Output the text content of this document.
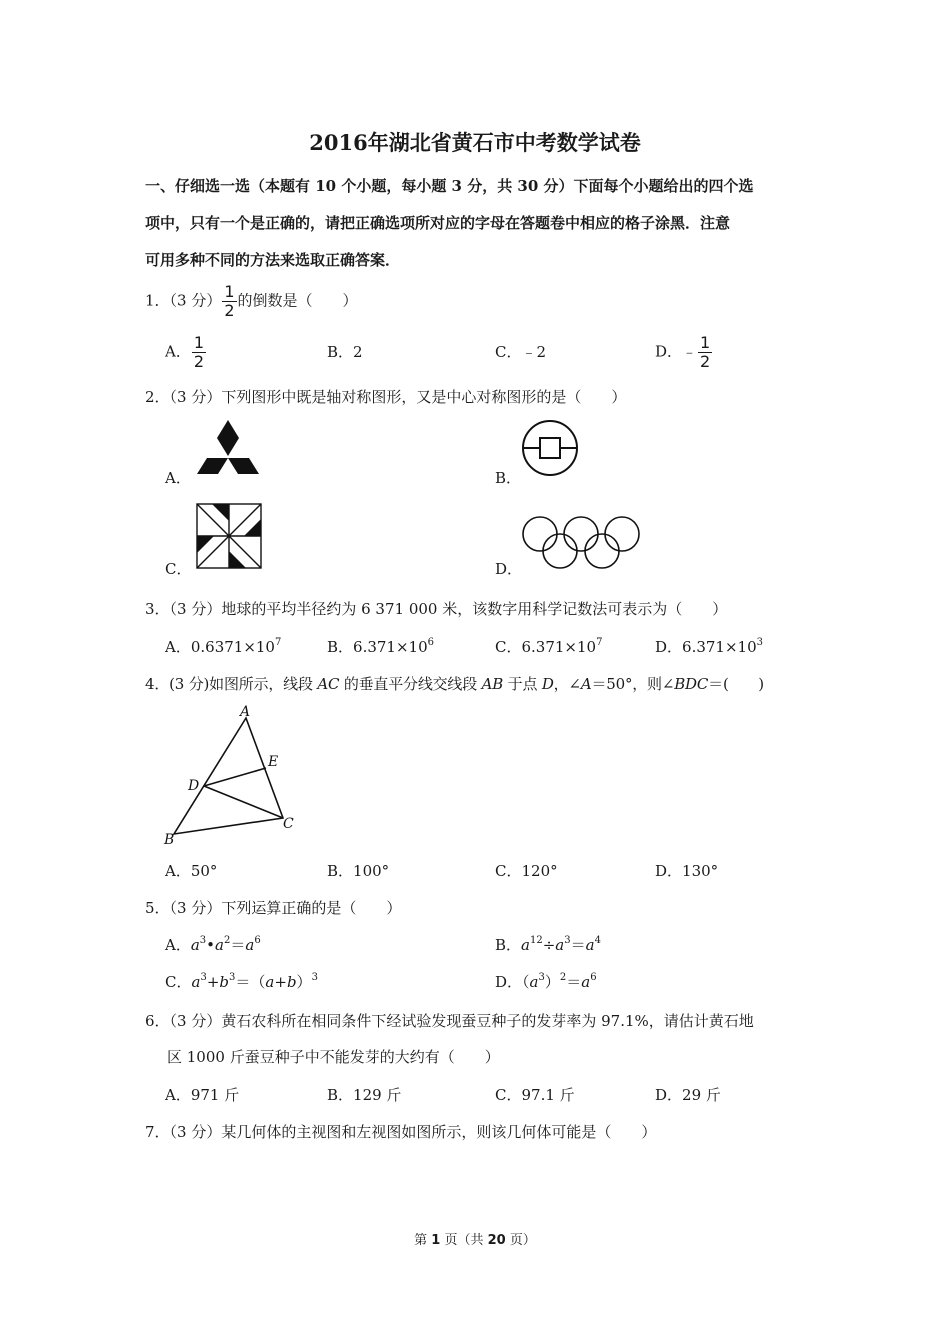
2016年湖北省黄石市中考数学试卷
一、仔细选一选（本题有 10 个小题，每小题 3 分，共 30 分）下面每个小题给出的四个选
项中，只有一个是正确的，请把正确选项所对应的字母在答题卷中相应的格子涂黑．注意
可用多种不同的方法来选取正确答案．
1．（3 分） $\frac{1}{2}$ 的倒数是（　　）
A． $\frac{1}{2}$	B．2	C．﹣2	D．﹣ $\frac{1}{2}$
2．（3 分）下列图形中既是轴对称图形，又是中心对称图形的是（　　）
A．	B．
C．	D．
3．（3 分）地球的平均半径约为 6 371 000 米，该数字用科学记数法可表示为（　　）
A．$0.6371\times 10^7$	B．$6.371\times 10^6$	C．$6.371\times 10^7$	D．$6.371\times 10^3$
4．(3 分)如图所示，线段 AC 的垂直平分线交线段 AB 于点 D，∠A＝50°，则∠BDC＝(　　)
A
B
C
D
E
A．50°	B．100°	C．120°	D．130°
5．（3 分）下列运算正确的是（　　）
A．$a^3•a^2=a^6$	B．$a^{12}\div a^3=a^4$
C．$a^3+b^3=(a+b)^3$	D．$(a^3)^2=a^6$
6．（3 分）黄石农科所在相同条件下经试验发现蚕豆种子的发芽率为 97.1%，请估计黄石地
区 1000 斤蚕豆种子中不能发芽的大约有（　　）
A．971 斤	B．129 斤	C．97.1 斤	D．29 斤
7．（3 分）某几何体的主视图和左视图如图所示，则该几何体可能是（　　）
第 1 页（共 20 页）
